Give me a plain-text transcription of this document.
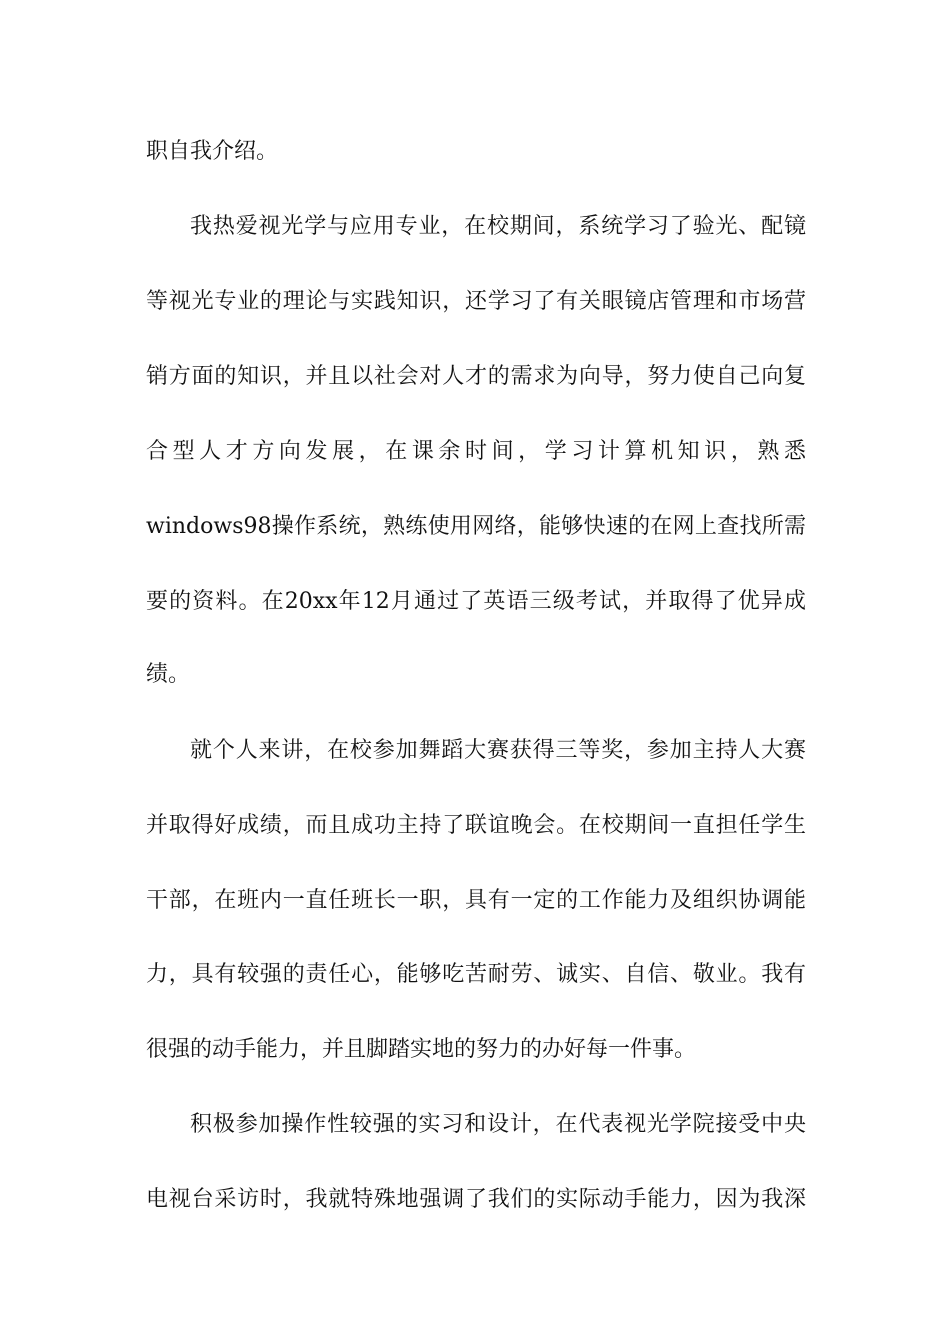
职自我介绍。
我热爱视光学与应用专业，在校期间，系统学习了验光、配镜
等视光专业的理论与实践知识，还学习了有关眼镜店管理和市场营
销方面的知识，并且以社会对人才的需求为向导，努力使自己向复
合型人才方向发展，在课余时间，学习计算机知识，熟悉
windows98操作系统，熟练使用网络，能够快速的在网上查找所需
要的资料。在20xx年12月通过了英语三级考试，并取得了优异成
绩。
就个人来讲，在校参加舞蹈大赛获得三等奖，参加主持人大赛
并取得好成绩，而且成功主持了联谊晚会。在校期间一直担任学生
干部，在班内一直任班长一职，具有一定的工作能力及组织协调能
力，具有较强的责任心，能够吃苦耐劳、诚实、自信、敬业。我有
很强的动手能力，并且脚踏实地的努力的办好每一件事。
积极参加操作性较强的实习和设计，在代表视光学院接受中央
电视台采访时，我就特殊地强调了我们的实际动手能力，因为我深
